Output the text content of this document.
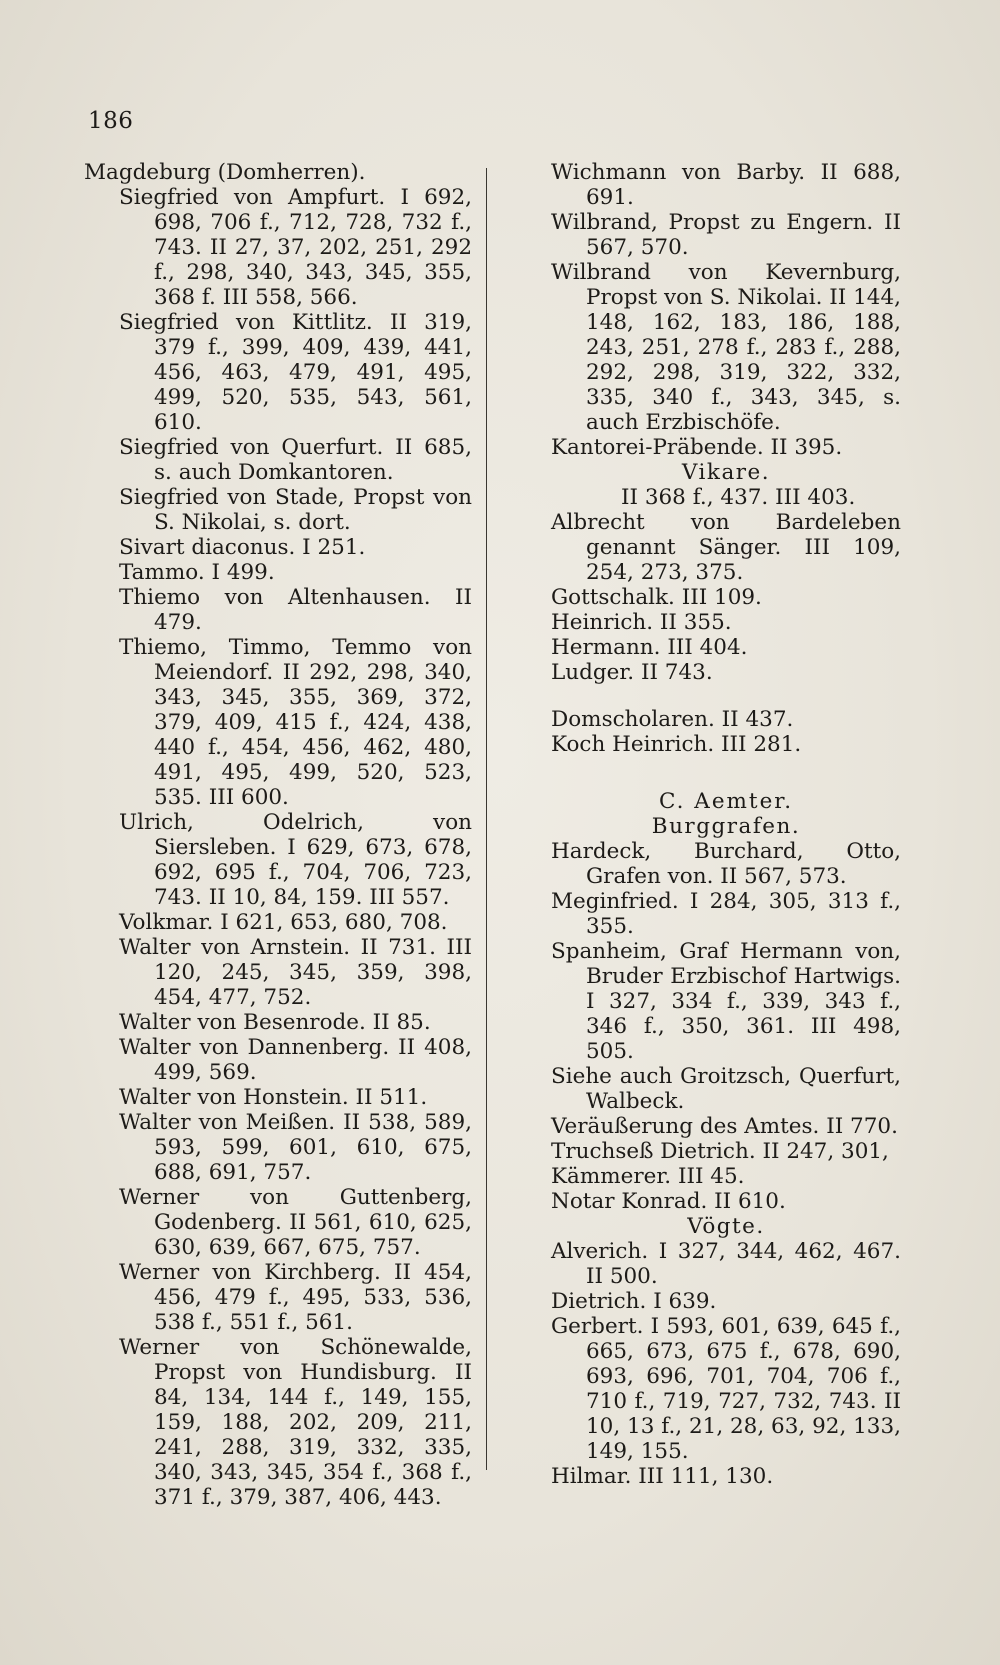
186
Magdeburg (Domherren).
Siegfried von Ampfurt. I 692, 698, 706 f., 712, 728, 732 f., 743. II 27, 37, 202, 251, 292 f., 298, 340, 343, 345, 355, 368 f. III 558, 566.
Siegfried von Kittlitz. II 319, 379 f., 399, 409, 439, 441, 456, 463, 479, 491, 495, 499, 520, 535, 543, 561, 610.
Siegfried von Querfurt. II 685, s. auch Domkantoren.
Siegfried von Stade, Propst von S. Nikolai, s. dort.
Sivart diaconus. I 251.
Tammo. I 499.
Thiemo von Altenhausen. II 479.
Thiemo, Timmo, Temmo von Meiendorf. II 292, 298, 340, 343, 345, 355, 369, 372, 379, 409, 415 f., 424, 438, 440 f., 454, 456, 462, 480, 491, 495, 499, 520, 523, 535. III 600.
Ulrich, Odelrich, von Siersleben. I 629, 673, 678, 692, 695 f., 704, 706, 723, 743. II 10, 84, 159. III 557.
Volkmar. I 621, 653, 680, 708.
Walter von Arnstein. II 731. III 120, 245, 345, 359, 398, 454, 477, 752.
Walter von Besenrode. II 85.
Walter von Dannenberg. II 408, 499, 569.
Walter von Honstein. II 511.
Walter von Meißen. II 538, 589, 593, 599, 601, 610, 675, 688, 691, 757.
Werner von Guttenberg, Godenberg. II 561, 610, 625, 630, 639, 667, 675, 757.
Werner von Kirchberg. II 454, 456, 479 f., 495, 533, 536, 538 f., 551 f., 561.
Werner von Schönewalde, Propst von Hundisburg. II 84, 134, 144 f., 149, 155, 159, 188, 202, 209, 211, 241, 288, 319, 332, 335, 340, 343, 345, 354 f., 368 f., 371 f., 379, 387, 406, 443.
Wichmann von Barby. II 688, 691.
Wilbrand, Propst zu Engern. II 567, 570.
Wilbrand von Kevernburg, Propst von S. Nikolai. II 144, 148, 162, 183, 186, 188, 243, 251, 278 f., 283 f., 288, 292, 298, 319, 322, 332, 335, 340 f., 343, 345, s. auch Erzbischöfe.
Kantorei-Präbende. II 395.
Vikare.
II 368 f., 437. III 403.
Albrecht von Bardeleben genannt Sänger. III 109, 254, 273, 375.
Gottschalk. III 109.
Heinrich. II 355.
Hermann. III 404.
Ludger. II 743.
Domscholaren. II 437.
Koch Heinrich. III 281.
C. Aemter.
Burggrafen.
Hardeck, Burchard, Otto, Grafen von. II 567, 573.
Meginfried. I 284, 305, 313 f., 355.
Spanheim, Graf Hermann von, Bruder Erzbischof Hartwigs. I 327, 334 f., 339, 343 f., 346 f., 350, 361. III 498, 505.
Siehe auch Groitzsch, Querfurt, Walbeck.
Veräußerung des Amtes. II 770.
Truchseß Dietrich. II 247, 301,
Kämmerer. III 45.
Notar Konrad. II 610.
Vögte.
Alverich. I 327, 344, 462, 467. II 500.
Dietrich. I 639.
Gerbert. I 593, 601, 639, 645 f., 665, 673, 675 f., 678, 690, 693, 696, 701, 704, 706 f., 710 f., 719, 727, 732, 743. II 10, 13 f., 21, 28, 63, 92, 133, 149, 155.
Hilmar. III 111, 130.
